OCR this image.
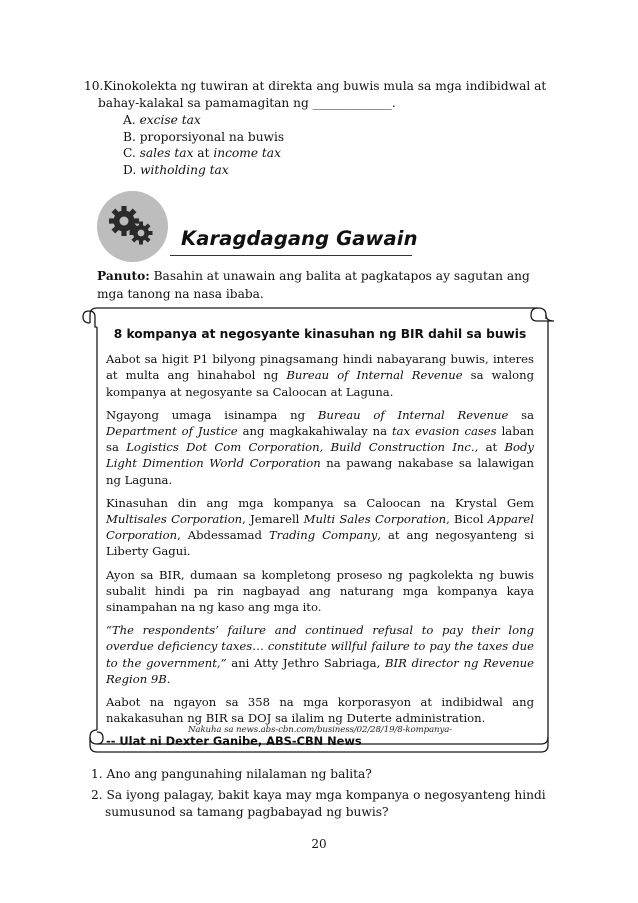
10.Kinokolekta ng tuwiran at direkta ang buwis mula sa mga indibidwal at bahay-kalakal sa pamamagitan ng _____________.
A. excise tax
B. proporsiyonal na buwis
C. sales tax at income tax
D. witholding tax
Karagdagang Gawain
Panuto: Basahin at unawain ang balita at pagkatapos ay sagutan ang mga tanong na nasa ibaba.
8 kompanya at negosyante kinasuhan ng BIR dahil sa buwis

Aabot sa higit P1 bilyong pinagsamang hindi nabayarang buwis, interes at multa ang hinahabol ng Bureau of Internal Revenue sa walong kompanya at negosyante sa Caloocan at Laguna.

Ngayong umaga isinampa ng Bureau of Internal Revenue sa Department of Justice ang magkakahiwalay na tax evasion cases laban sa Logistics Dot Com Corporation, Build Construction Inc., at Body Light Dimention World Corporation na pawang nakabase sa lalawigan ng Laguna.

Kinasuhan din ang mga kompanya sa Caloocan na Krystal Gem Multisales Corporation, Jemarell Multi Sales Corporation, Bicol Apparel Corporation, Abdessamad Trading Company, at ang negosyanteng si Liberty Gagui.

Ayon sa BIR, dumaan sa kompletong proseso ng pagkolekta ng buwis subalit hindi pa rin nagbayad ang naturang mga kompanya kaya sinampahan na ng kaso ang mga ito.

“The respondents’ failure and continued refusal to pay their long overdue deficiency taxes… constitute willful failure to pay the taxes due to the government,” ani Atty Jethro Sabriaga, BIR director ng Revenue Region 9B.

Aabot na ngayon sa 358 na mga korporasyon at indibidwal ang nakakasuhan ng BIR sa DOJ sa ilalim ng Duterte administration.

-- Ulat ni Dexter Ganibe, ABS-CBN News
Nakuha sa news.abs-cbn.com/business/02/28/19/8-kompanya-
1. Ano ang pangunahing nilalaman ng balita?
2. Sa iyong palagay, bakit kaya may mga kompanya o negosyanteng hindi sumusunod sa tamang pagbabayad ng buwis?
20
